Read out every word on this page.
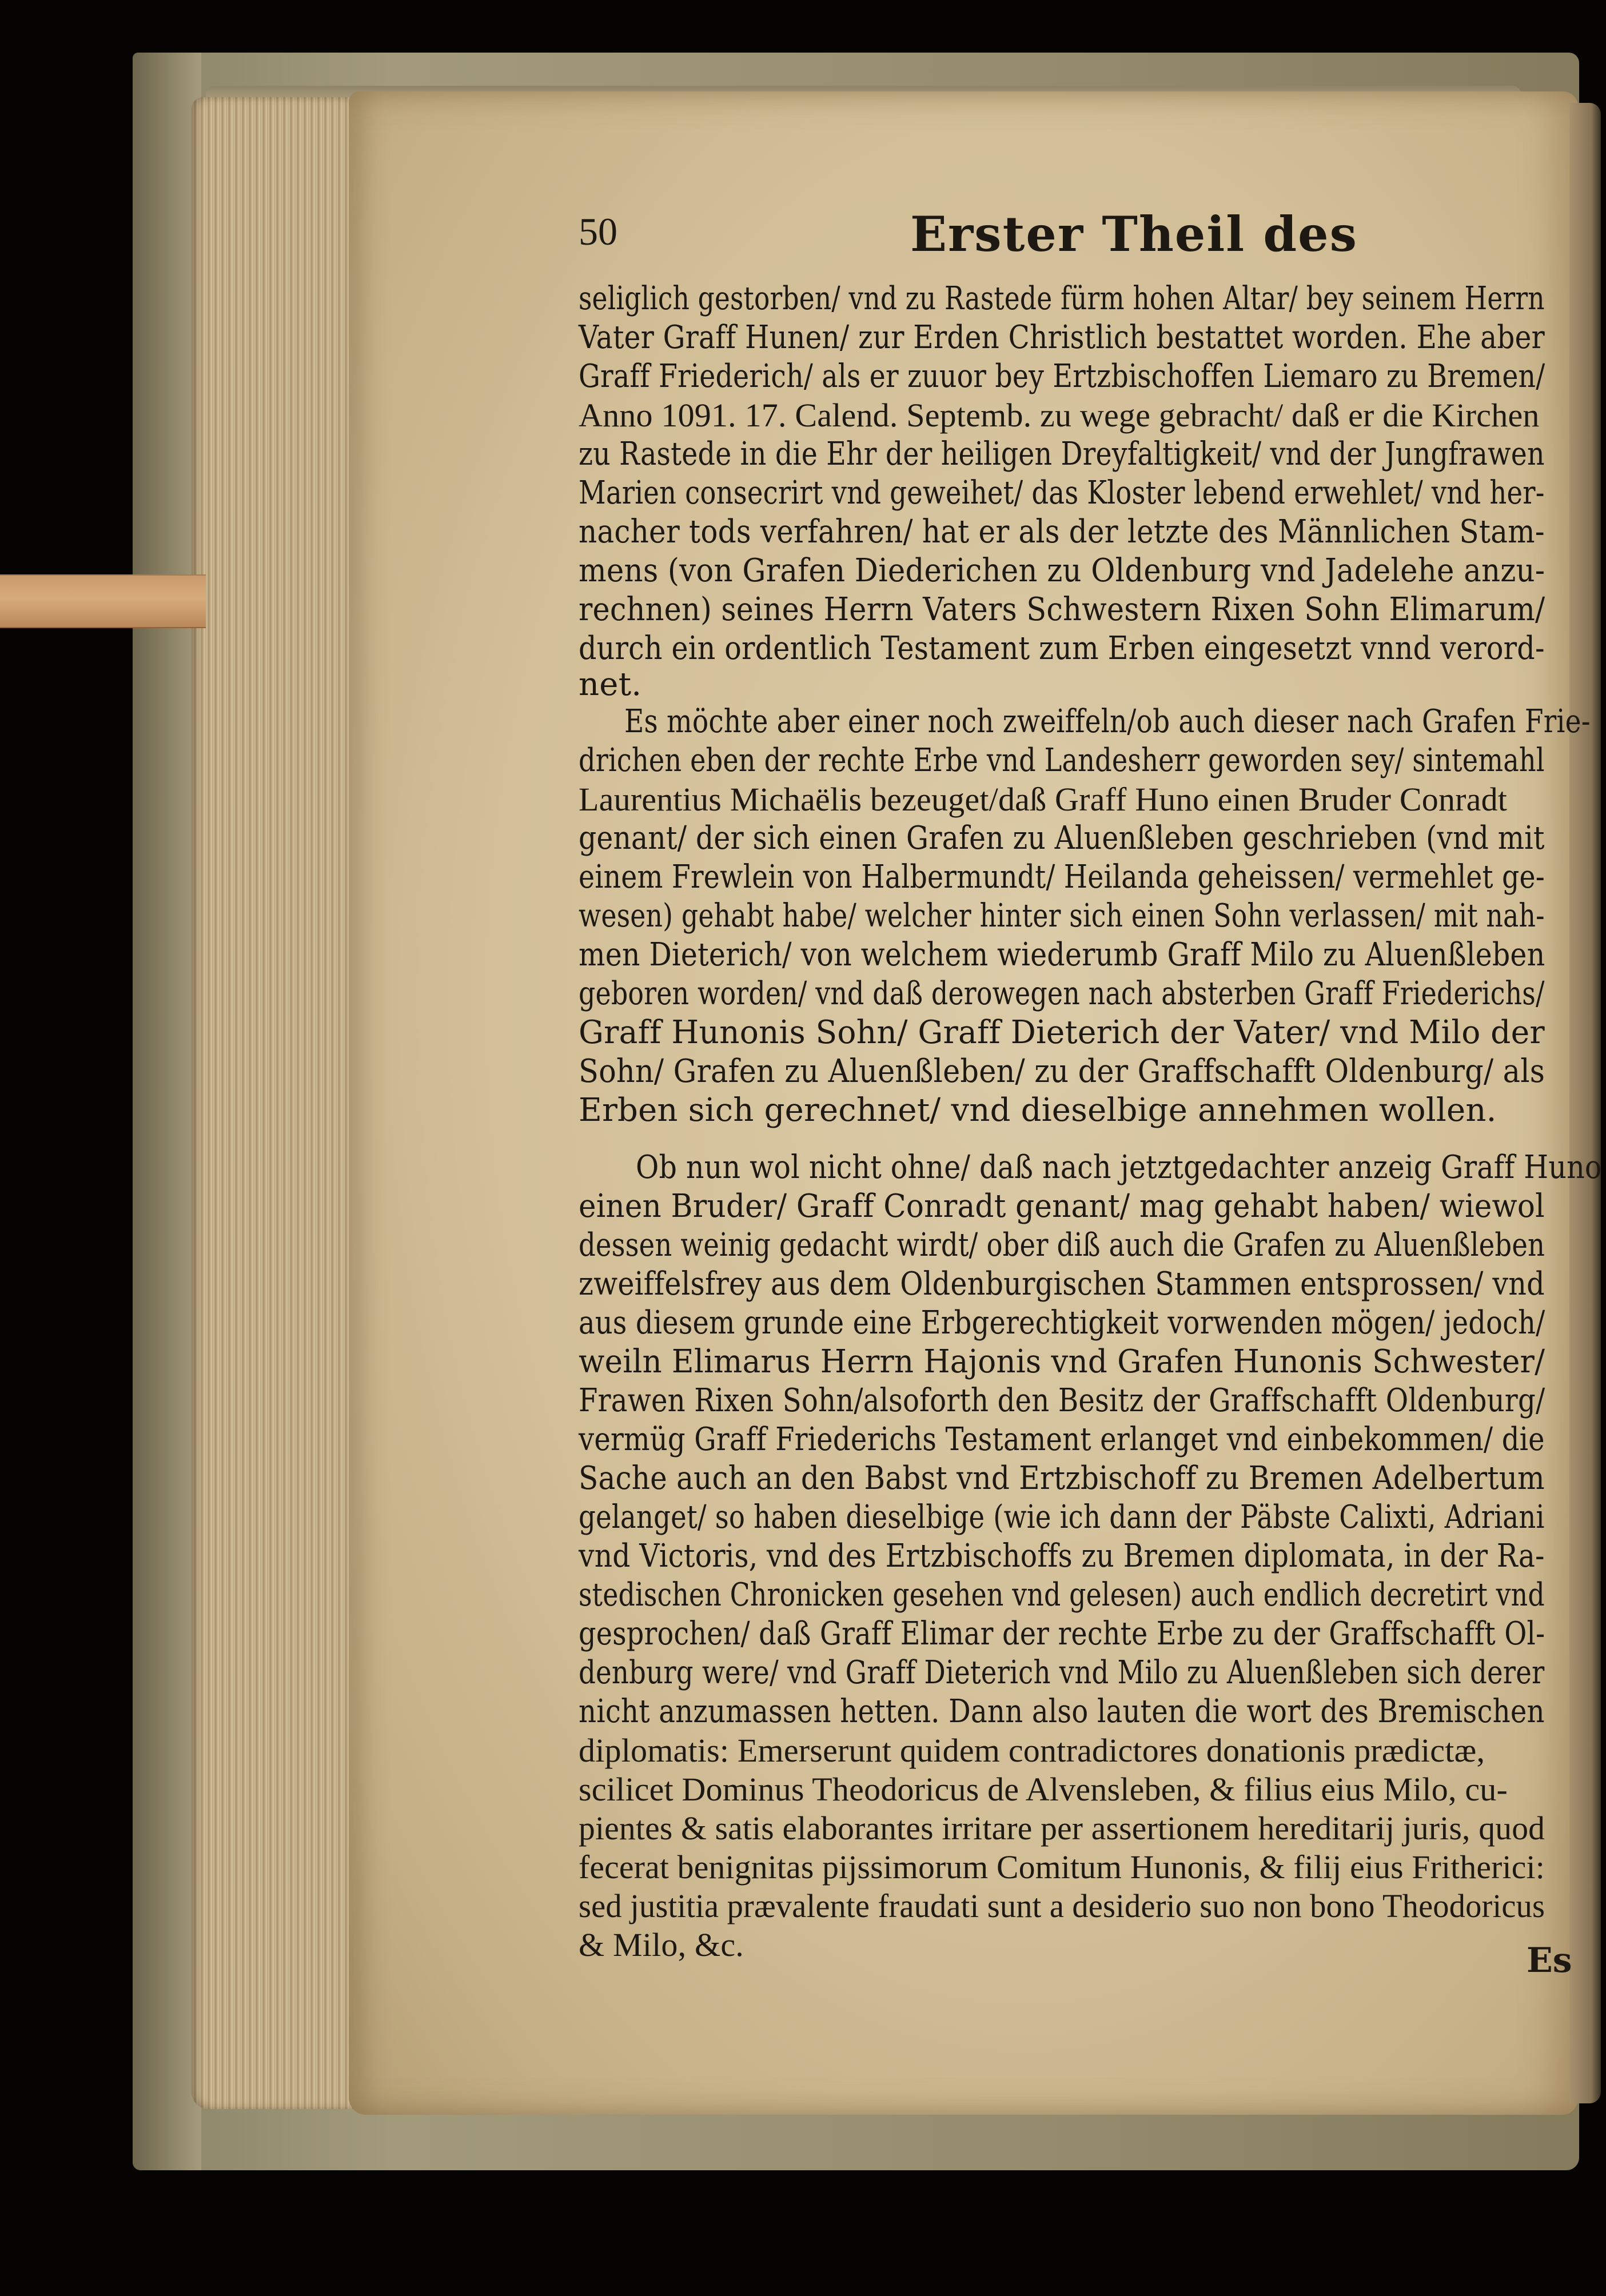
50	Erster Theil des
seliglich gestorben/ vnd zu Rastede fürm hohen Altar/ bey seinem Herrn
Vater Graff Hunen/ zur Erden Christlich bestattet worden. Ehe aber
Graff Friederich/ als er zuuor bey Ertzbischoffen Liemaro zu Bremen/
Anno 1091. 17. Calend. Septemb. zu wege gebracht/ daß er die Kirchen
zu Rastede in die Ehr der heiligen Dreyfaltigkeit/ vnd der Jungfrawen
Marien consecrirt vnd geweihet/ das Kloster lebend erwehlet/ vnd her-
nacher tods verfahren/ hat er als der letzte des Männlichen Stam-
mens (von Grafen Diederichen zu Oldenburg vnd Jadelehe anzu-
rechnen) seines Herrn Vaters Schwestern Rixen Sohn Elimarum/
durch ein ordentlich Testament zum Erben eingesetzt vnnd verord-
net.
Es möchte aber einer noch zweiffeln/ob auch dieser nach Grafen Frie-
drichen eben der rechte Erbe vnd Landesherr geworden sey/ sintemahl
Laurentius Michaëlis bezeuget/daß Graff Huno einen Bruder Conradt
genant/ der sich einen Grafen zu Aluenßleben geschrieben (vnd mit
einem Frewlein von Halbermundt/ Heilanda geheissen/ vermehlet ge-
wesen) gehabt habe/ welcher hinter sich einen Sohn verlassen/ mit nah-
men Dieterich/ von welchem wiederumb Graff Milo zu Aluenßleben
geboren worden/ vnd daß derowegen nach absterben Graff Friederichs/
Graff Hunonis Sohn/ Graff Dieterich der Vater/ vnd Milo der
Sohn/ Grafen zu Aluenßleben/ zu der Graffschafft Oldenburg/ als
Erben sich gerechnet/ vnd dieselbige annehmen wollen.
Ob nun wol nicht ohne/ daß nach jetztgedachter anzeig Graff Huno
einen Bruder/ Graff Conradt genant/ mag gehabt haben/ wiewol
dessen weinig gedacht wirdt/ ober diß auch die Grafen zu Aluenßleben
zweiffelsfrey aus dem Oldenburgischen Stammen entsprossen/ vnd
aus diesem grunde eine Erbgerechtigkeit vorwenden mögen/ jedoch/
weiln Elimarus Herrn Hajonis vnd Grafen Hunonis Schwester/
Frawen Rixen Sohn/alsoforth den Besitz der Graffschafft Oldenburg/
vermüg Graff Friederichs Testament erlanget vnd einbekommen/ die
Sache auch an den Babst vnd Ertzbischoff zu Bremen Adelbertum
gelanget/ so haben dieselbige (wie ich dann der Päbste Calixti, Adriani
vnd Victoris, vnd des Ertzbischoffs zu Bremen diplomata, in der Ra-
stedischen Chronicken gesehen vnd gelesen) auch endlich decretirt vnd
gesprochen/ daß Graff Elimar der rechte Erbe zu der Graffschafft Ol-
denburg were/ vnd Graff Dieterich vnd Milo zu Aluenßleben sich derer
nicht anzumassen hetten. Dann also lauten die wort des Bremischen
diplomatis: Emerserunt quidem contradictores donationis prædictæ,
scilicet Dominus Theodoricus de Alvensleben, & filius eius Milo, cu-
pientes & satis elaborantes irritare per assertionem hereditarij juris, quod
fecerat benignitas pijssimorum Comitum Hunonis, & filij eius Fritherici:
sed justitia prævalente fraudati sunt a desiderio suo non bono Theodoricus
& Milo, &c.	Es
